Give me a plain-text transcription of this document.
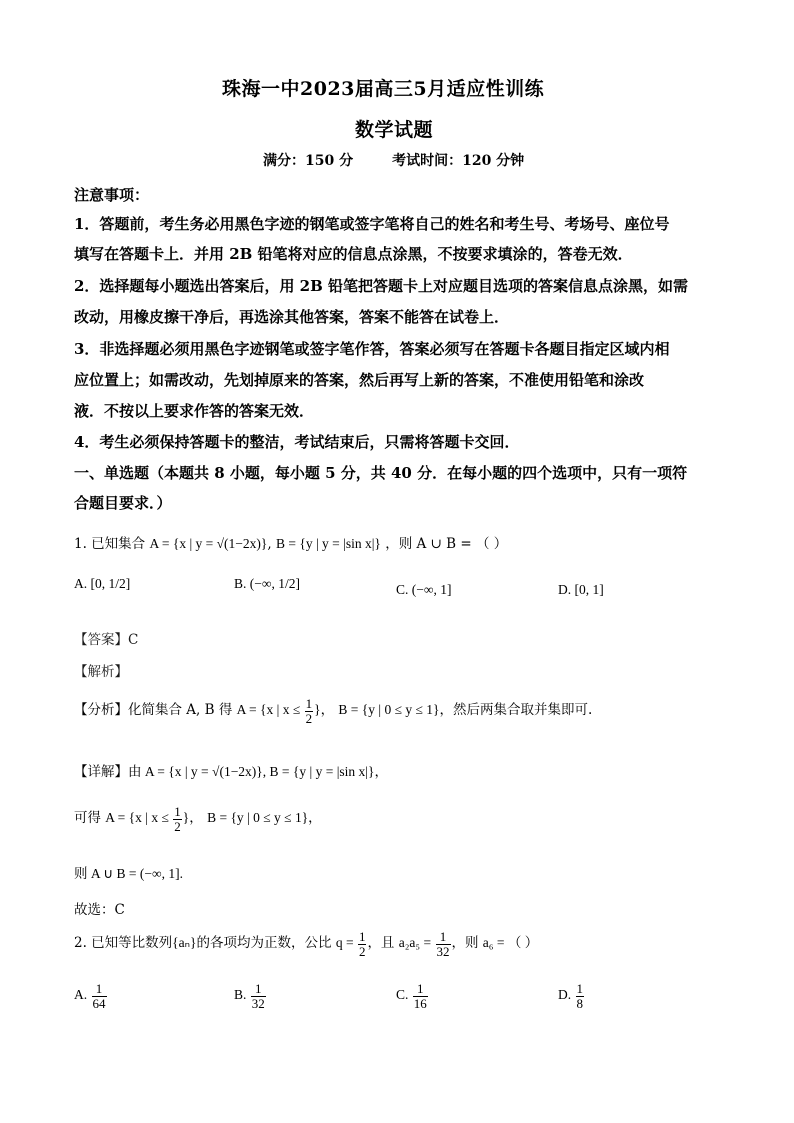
珠海一中2023届高三5月适应性训练
数学试题
满分：150 分        考试时间：120 分钟
注意事项：
1．答题前，考生务必用黑色字迹的钢笔或签字笔将自己的姓名和考生号、考场号、座位号
填写在答题卡上．并用 2B 铅笔将对应的信息点涂黑，不按要求填涂的，答卷无效．
2．选择题每小题选出答案后，用 2B 铅笔把答题卡上对应题目选项的答案信息点涂黑，如需
改动，用橡皮擦干净后，再选涂其他答案，答案不能答在试卷上．
3．非选择题必须用黑色字迹钢笔或签字笔作答，答案必须写在答题卡各题目指定区域内相
应位置上；如需改动，先划掉原来的答案，然后再写上新的答案，不准使用铅笔和涂改
液．不按以上要求作答的答案无效．
4．考生必须保持答题卡的整洁，考试结束后，只需将答题卡交回．
一、单选题（本题共 8 小题，每小题 5 分，共 40 分．在每小题的四个选项中，只有一项符
合题目要求．）
1. 已知集合 A = {x | y = √(1−2x)}, B = {y | y = |sin x|} ，则 A ∪ B = （ ）
A. [0, 1/2]	B. (−∞, 1/2]	C. (−∞, 1]	D. [0, 1]
【答案】C
【解析】
【分析】化简集合 A, B 得 A = {x | $x \le \frac{1}{2}$ }， B = {y | 0 ≤ y ≤ 1}，然后两集合取并集即可.
【详解】由 A = {x | y = √(1−2x)}, B = {y | y = |sin x|}，
可得 A = {x | $x \le \frac{1}{2}$ }， B = {y | 0 ≤ y ≤ 1}，
则 A ∪ B = (−∞, 1].
故选：C
2. 已知等比数列{aₙ}的各项均为正数，公比 $q = \frac{1}{2}$ ，且 $a_2a_5 = \frac{1}{32}$ ，则 a₆ = （ ）
A. $\frac{1}{64}$	B. $\frac{1}{32}$	C. $\frac{1}{16}$	D. $\frac{1}{8}$
